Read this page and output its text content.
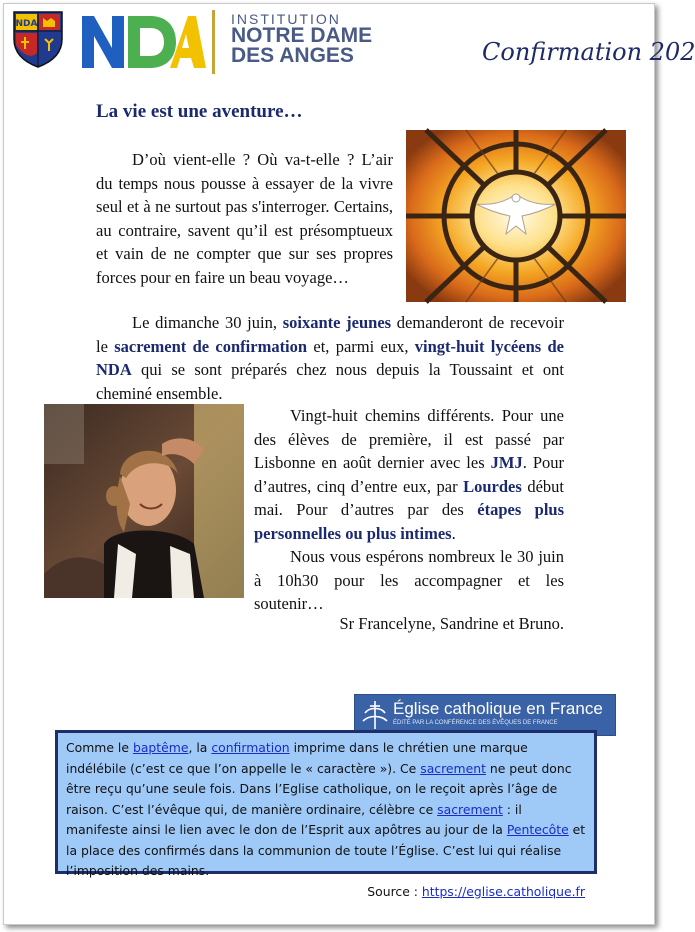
NDA	INSTITUTION
NOTRE DAME
DES ANGES	Confirmation 202
La vie est une aventure…
D’où vient-elle ? Où va-t-elle ? L’air du temps nous pousse à essayer de la vivre seul et à ne surtout pas s'interroger. Certains, au contraire, savent qu’il est présomptueux et vain de ne compter que sur ses propres forces pour en faire un beau voyage…
Le dimanche 30 juin, soixante jeunes demanderont de recevoir le sacrement de confirmation et, parmi eux, vingt-huit lycéens de NDA qui se sont préparés chez nous depuis la Toussaint et ont cheminé ensemble.
Vingt-huit chemins différents. Pour une des élèves de première, il est passé par Lisbonne en août dernier avec les JMJ. Pour d’autres, cinq d’entre eux, par Lourdes début mai. Pour d’autres par des étapes plus personnelles ou plus intimes.
Nous vous espérons nombreux le 30 juin à 10h30 pour les accompagner et les soutenir…
Sr Francelyne, Sandrine et Bruno.
Église catholique en France
ÉDITÉ PAR LA CONFÉRENCE DES ÉVÊQUES DE FRANCE
Comme le baptême, la confirmation imprime dans le chrétien une marque indélébile (c’est ce que l’on appelle le « caractère »). Ce sacrement ne peut donc être reçu qu’une seule fois. Dans l’Eglise catholique, on le reçoit après l’âge de raison. C’est l’évêque qui, de manière ordinaire, célèbre ce sacrement : il manifeste ainsi le lien avec le don de l’Esprit aux apôtres au jour de la Pentecôte et la place des confirmés dans la communion de toute l’Église. C’est lui qui réalise l’imposition des mains.
Source : https://eglise.catholique.fr
